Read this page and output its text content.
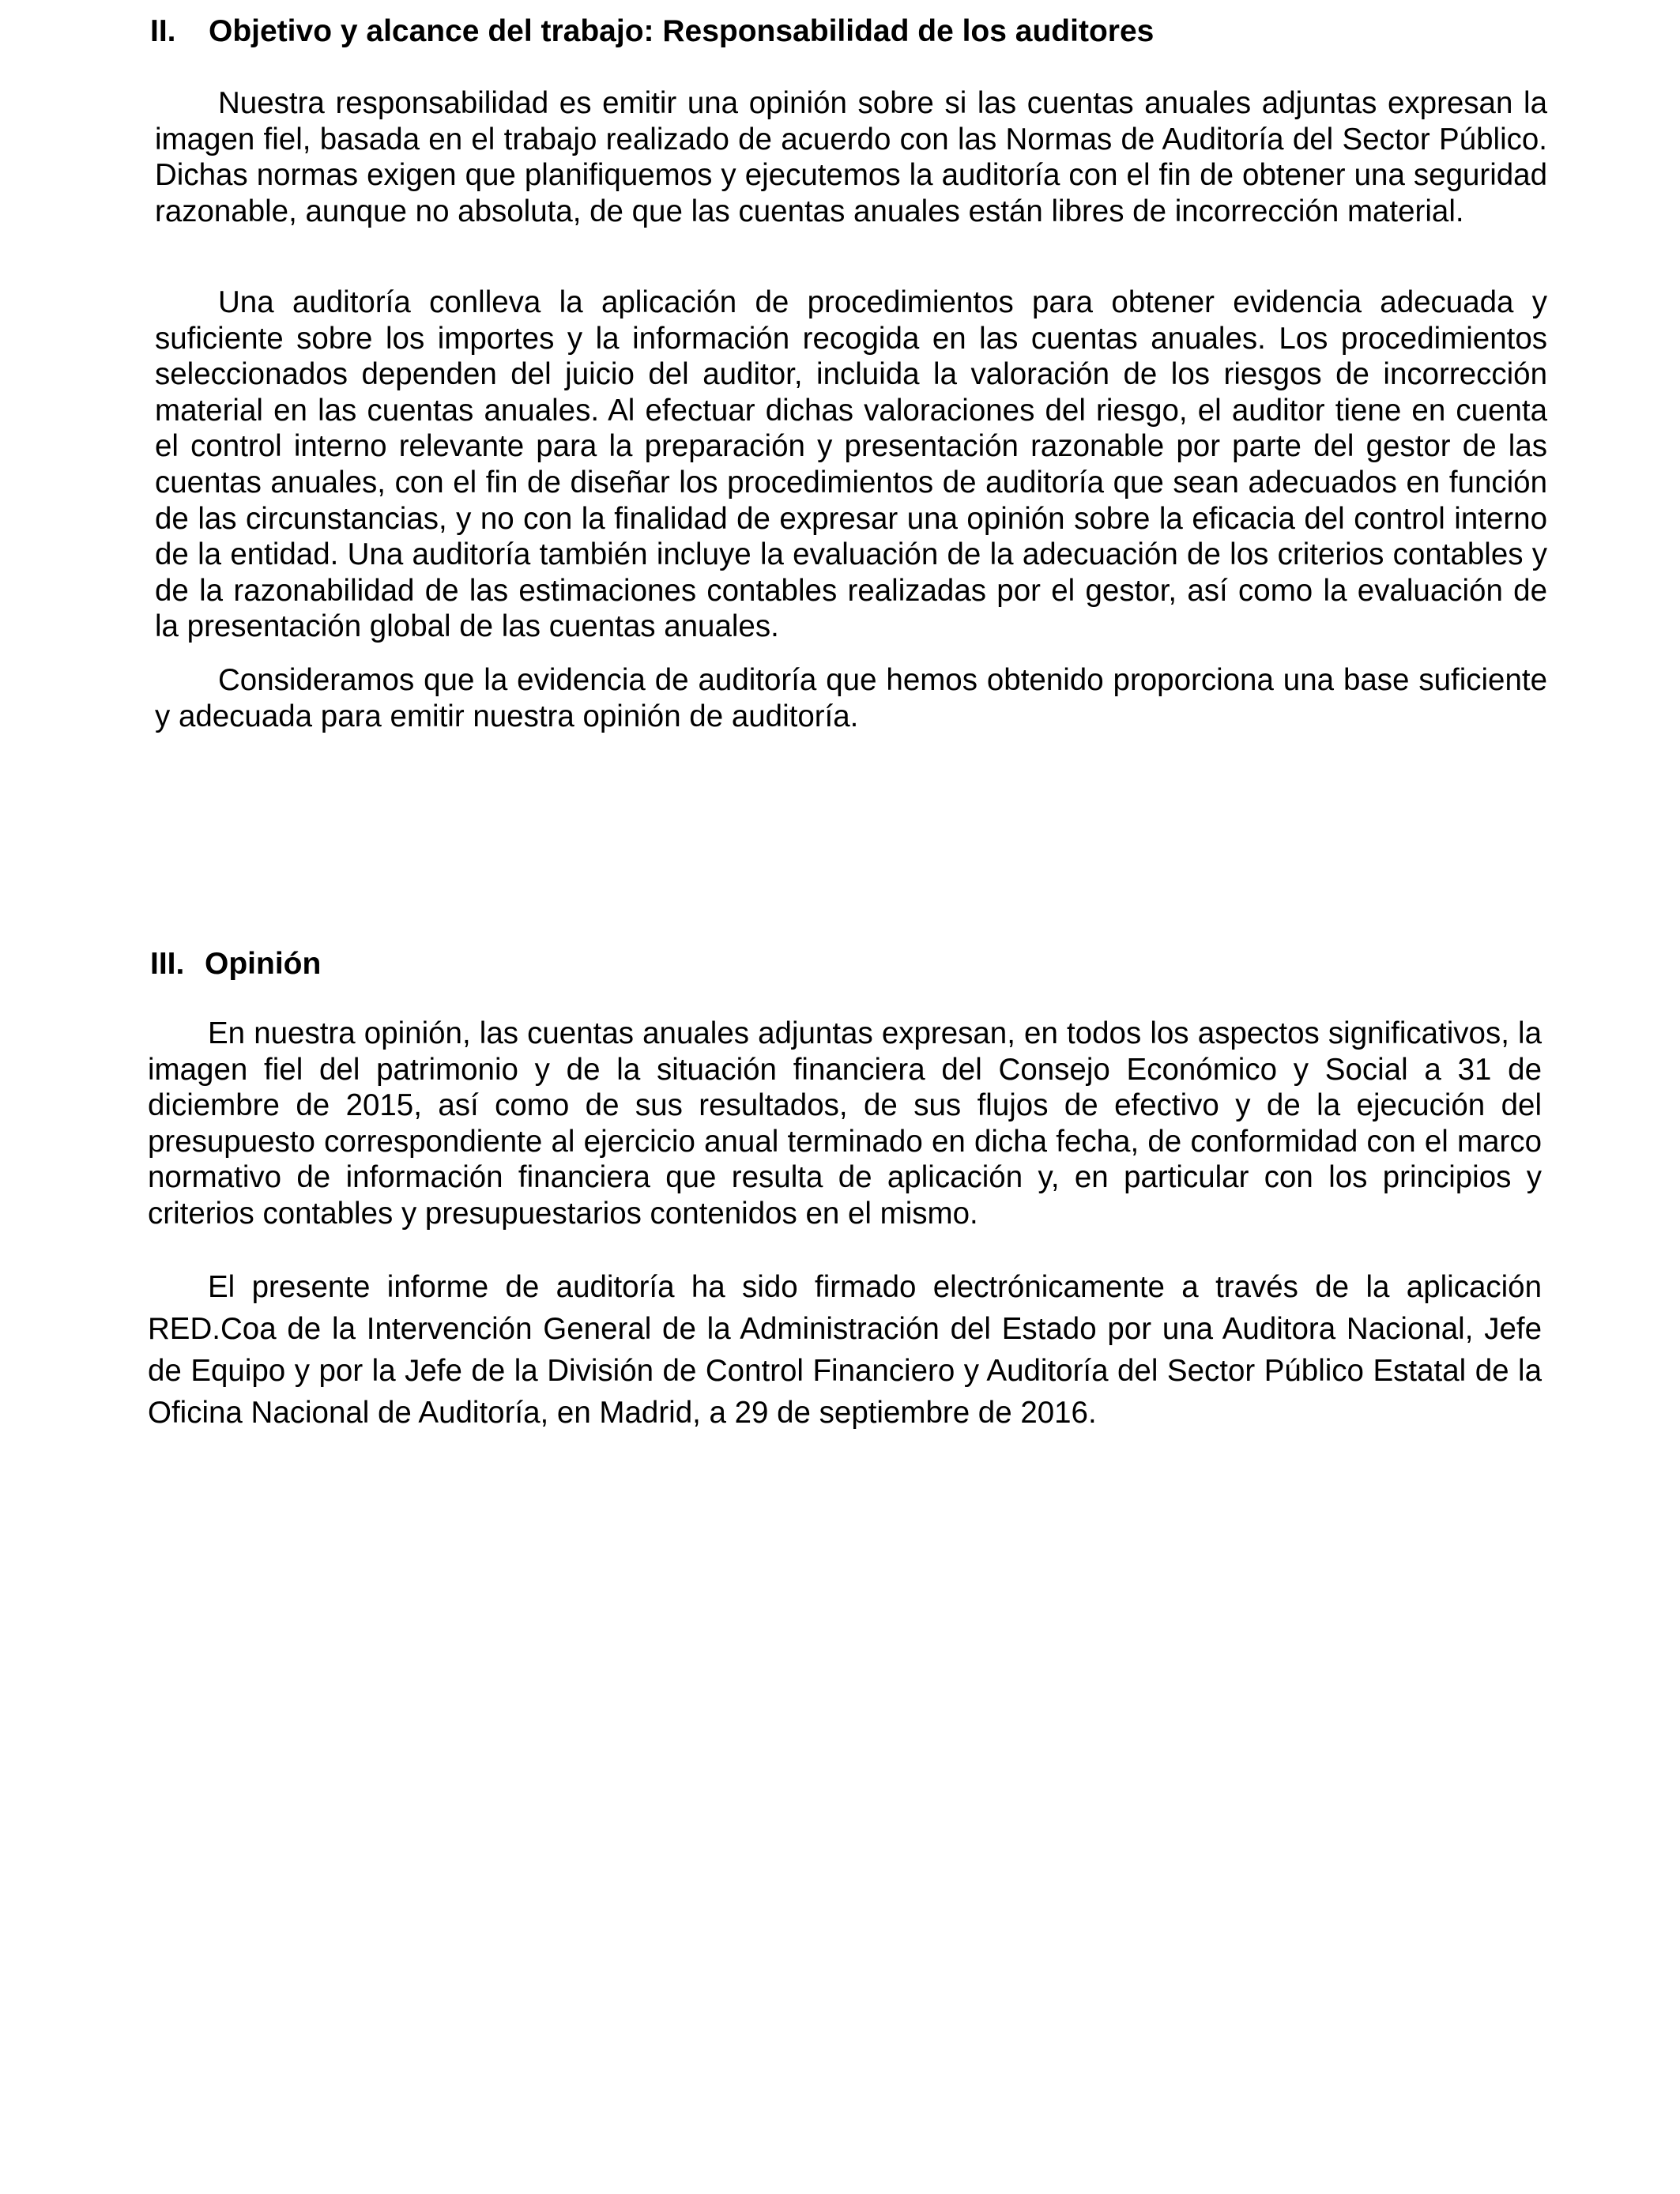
II. Objetivo y alcance del trabajo: Responsabilidad de los auditores

Nuestra responsabilidad es emitir una opinión sobre si las cuentas anuales adjuntas expresan la imagen fiel, basada en el trabajo realizado de acuerdo con las Normas de Auditoría del Sector Público. Dichas normas exigen que planifiquemos y ejecutemos la auditoría con el fin de obtener una seguridad razonable, aunque no absoluta, de que las cuentas anuales están libres de incorrección material.

Una auditoría conlleva la aplicación de procedimientos para obtener evidencia adecuada y suficiente sobre los importes y la información recogida en las cuentas anuales. Los procedimientos seleccionados dependen del juicio del auditor, incluida la valoración de los riesgos de incorrección material en las cuentas anuales. Al efectuar dichas valoraciones del riesgo, el auditor tiene en cuenta el control interno relevante para la preparación y presentación razonable por parte del gestor de las cuentas anuales, con el fin de diseñar los procedimientos de auditoría que sean adecuados en función de las circunstancias, y no con la finalidad de expresar una opinión sobre la eficacia del control interno de la entidad. Una auditoría también incluye la evaluación de la adecuación de los criterios contables y de la razonabilidad de las estimaciones contables realizadas por el gestor, así como la evaluación de la presentación global de las cuentas anuales.

Consideramos que la evidencia de auditoría que hemos obtenido proporciona una base suficiente y adecuada para emitir nuestra opinión de auditoría.

III. Opinión

En nuestra opinión, las cuentas anuales adjuntas expresan, en todos los aspectos significativos, la imagen fiel del patrimonio y de la situación financiera del Consejo Económico y Social a 31 de diciembre de 2015, así como de sus resultados, de sus flujos de efectivo y de la ejecución del presupuesto correspondiente al ejercicio anual terminado en dicha fecha, de conformidad con el marco normativo de información financiera que resulta de aplicación y, en particular con los principios y criterios contables y presupuestarios contenidos en el mismo.

El presente informe de auditoría ha sido firmado electrónicamente a través de la aplicación RED.Coa de la Intervención General de la Administración del Estado por una Auditora Nacional, Jefe de Equipo y por la Jefe de la División de Control Financiero y Auditoría del Sector Público Estatal de la Oficina Nacional de Auditoría, en Madrid, a 29 de septiembre de 2016.
